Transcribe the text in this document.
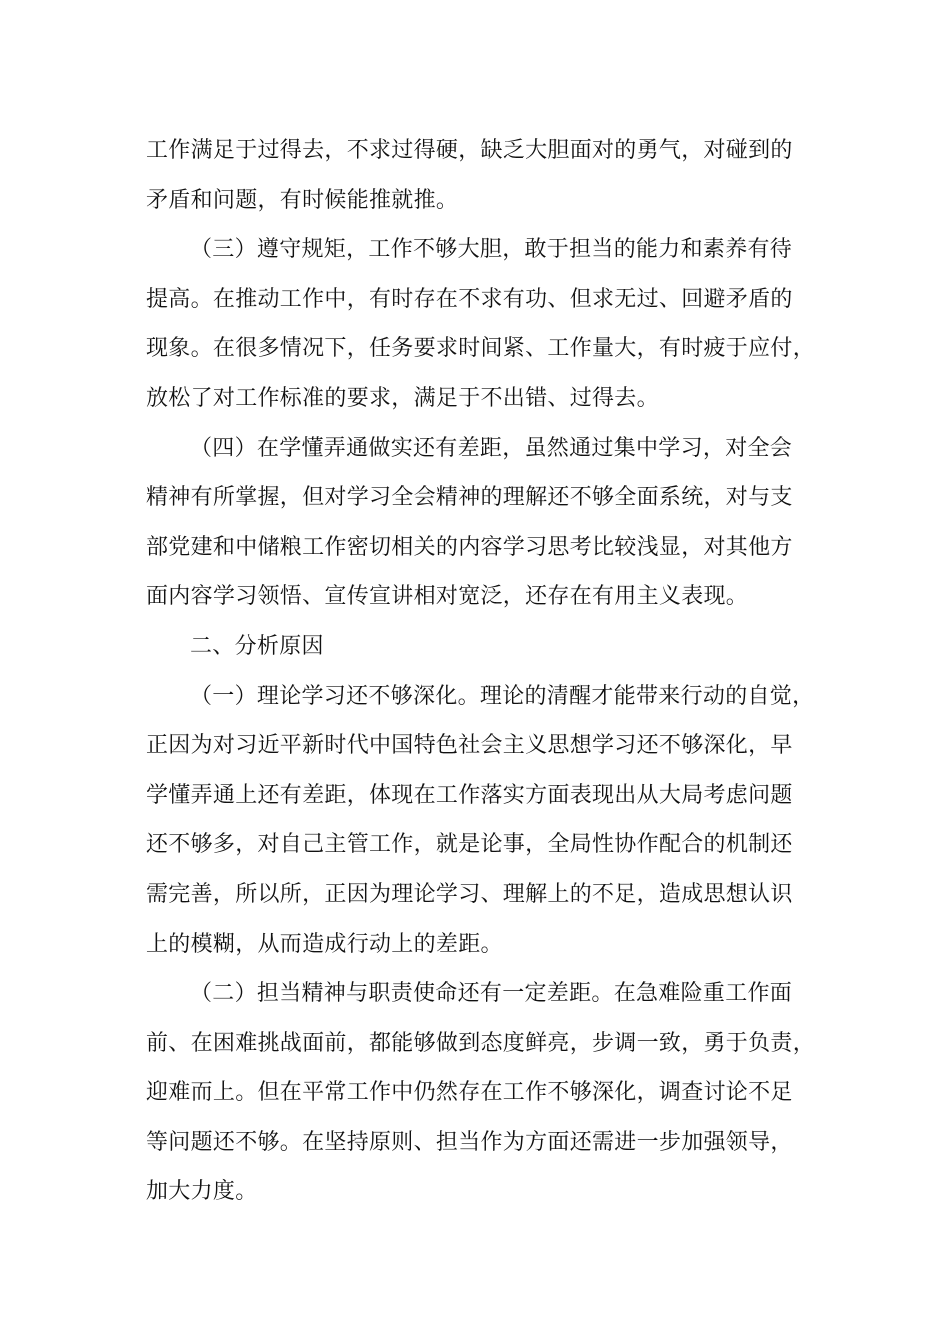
工作满足于过得去，不求过得硬，缺乏大胆面对的勇气，对碰到的
矛盾和问题，有时候能推就推。

（三）遵守规矩，工作不够大胆，敢于担当的能力和素养有待
提高。在推动工作中，有时存在不求有功、但求无过、回避矛盾的
现象。在很多情况下，任务要求时间紧、工作量大，有时疲于应付，
放松了对工作标准的要求，满足于不出错、过得去。

（四）在学懂弄通做实还有差距，虽然通过集中学习，对全会
精神有所掌握，但对学习全会精神的理解还不够全面系统，对与支
部党建和中储粮工作密切相关的内容学习思考比较浅显，对其他方
面内容学习领悟、宣传宣讲相对宽泛，还存在有用主义表现。

二、分析原因

（一）理论学习还不够深化。理论的清醒才能带来行动的自觉，
正因为对习近平新时代中国特色社会主义思想学习还不够深化，早
学懂弄通上还有差距，体现在工作落实方面表现出从大局考虑问题
还不够多，对自己主管工作，就是论事，全局性协作配合的机制还
需完善，所以所，正因为理论学习、理解上的不足，造成思想认识
上的模糊，从而造成行动上的差距。

（二）担当精神与职责使命还有一定差距。在急难险重工作面
前、在困难挑战面前，都能够做到态度鲜亮，步调一致，勇于负责，
迎难而上。但在平常工作中仍然存在工作不够深化，调查讨论不足
等问题还不够。在坚持原则、担当作为方面还需进一步加强领导，
加大力度。
